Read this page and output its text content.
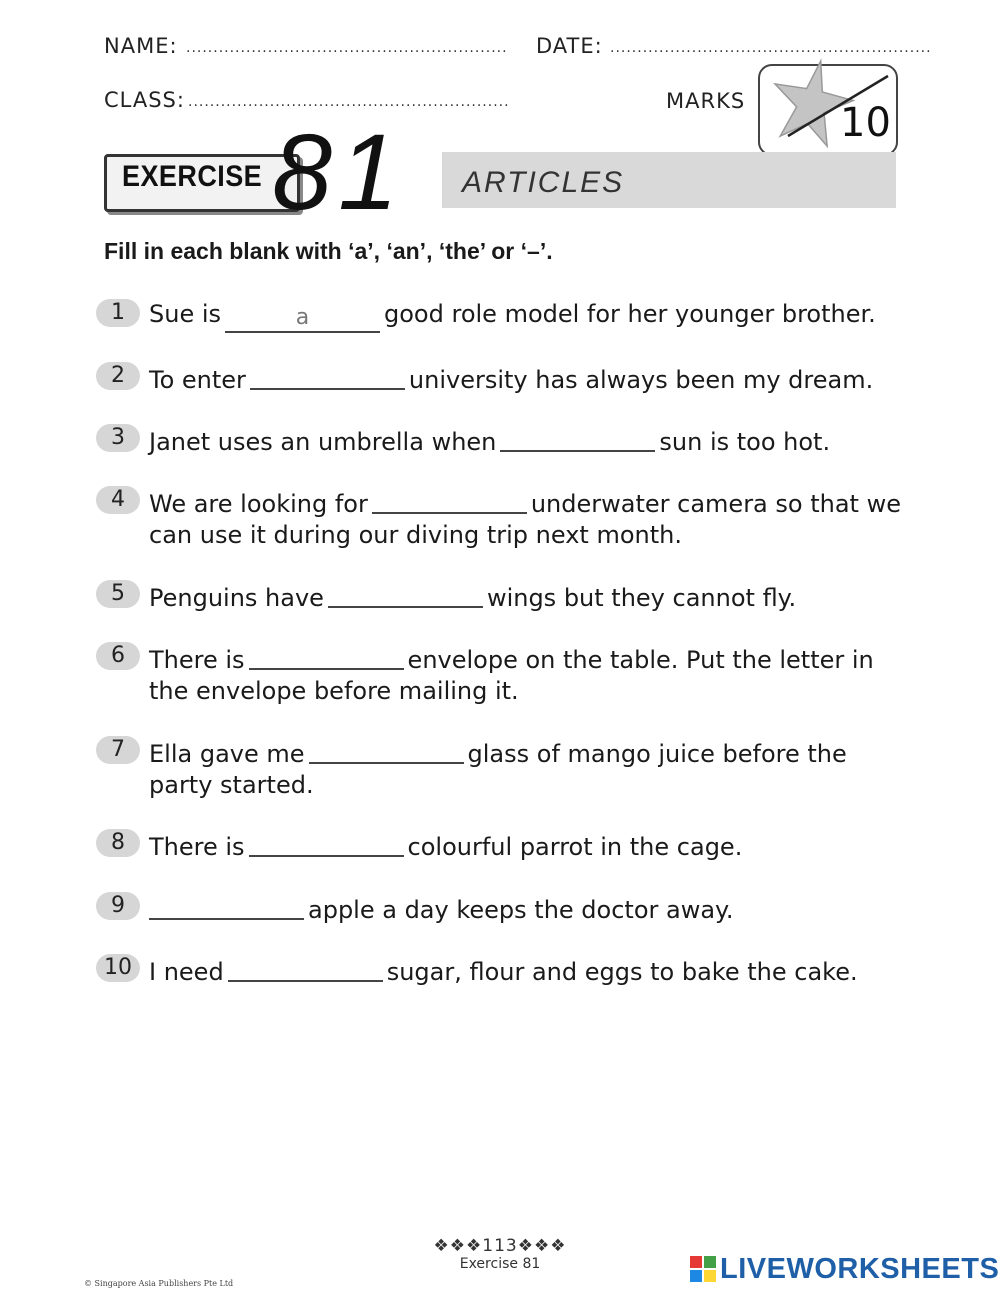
NAME: ........................................................... DATE: ...........................................................
CLASS: ...........................................................	MARKS 10
EXERCISE 81 ARTICLES
Fill in each blank with ‘a’, ‘an’, ‘the’ or ‘–’.
1	Sue is	a	good role model for her younger brother.
2	To enter	university has always been my dream.
3	Janet uses an umbrella when	sun is too hot.
4	We are looking for	underwater camera so that we can use it during our diving trip next month.
5	Penguins have	wings but they cannot fly.
6	There is	envelope on the table. Put the letter in the envelope before mailing it.
7	Ella gave me	glass of mango juice before the party started.
8	There is	colourful parrot in the cage.
9	apple a day keeps the doctor away.
10 I need	sugar, flour and eggs to bake the cake.
❖❖❖113❖❖❖
Exercise 81
© Singapore Asia Publishers Pte Ltd	LIVEWORKSHEETS
